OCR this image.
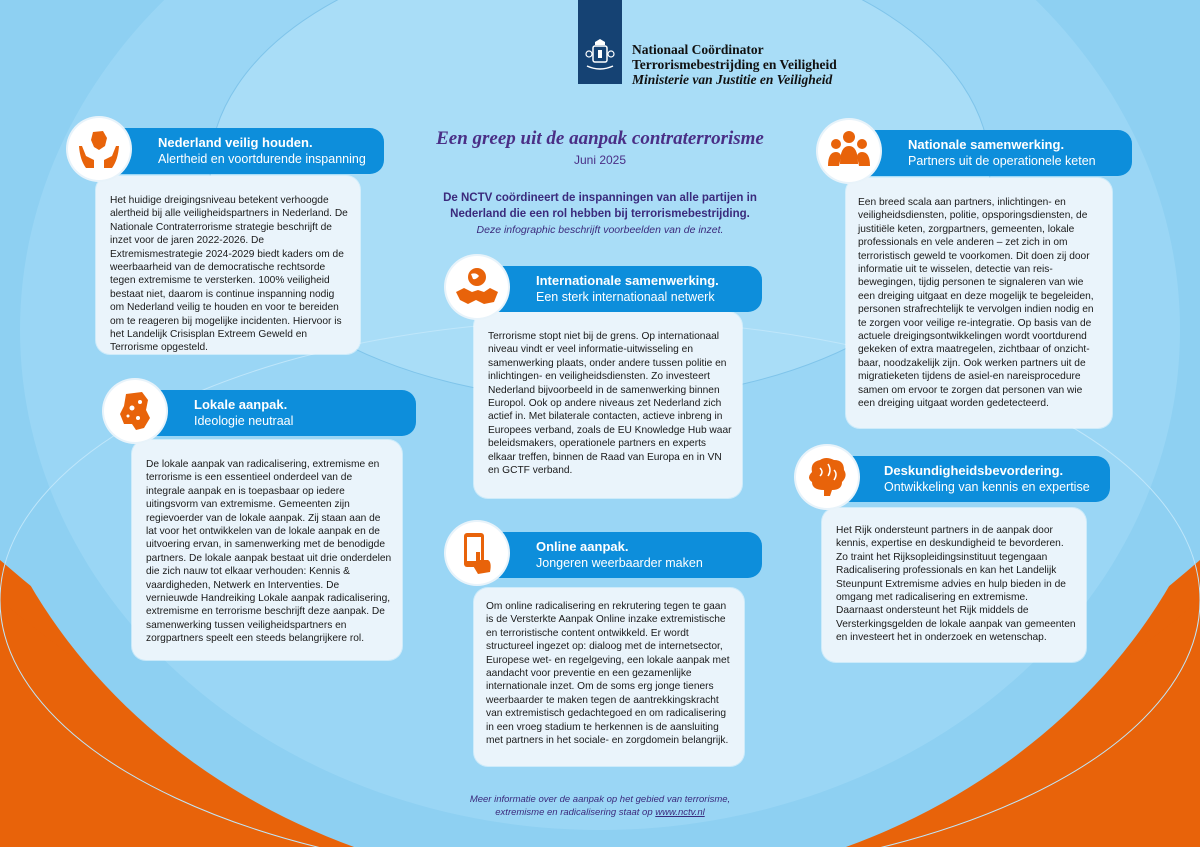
Nationaal Coördinator
Terrorismebestrijding en Veiligheid
Ministerie van Justitie en Veiligheid
Een greep uit de aanpak contraterrorisme
Juni 2025
De NCTV coördineert de inspanningen van alle partijen in Nederland die een rol hebben bij terrorismebestrijding.
Deze infographic beschrijft voorbeelden van de inzet.
Het huidige dreigingsniveau betekent verhoogde alertheid bij alle veiligheidspartners in Nederland. De Nationale Contraterrorisme strategie beschrijft de inzet voor de jaren 2022-2026. De Extremismestrategie 2024-2029 biedt kaders om de weerbaarheid van de democratische rechtsorde tegen extremisme te versterken. 100% veiligheid bestaat niet, daarom is continue inspanning nodig om Nederland veilig te houden en voor te bereiden om te reageren bij mogelijke incidenten. Hiervoor is het Landelijk Crisisplan Extreem Geweld en Terrorisme opgesteld.
Nederland veilig houden.
Alertheid en voortdurende inspanning
De lokale aanpak van radicalisering, extremisme en terrorisme is een essentieel onderdeel van de integrale aanpak en is toepasbaar op iedere uitingsvorm van extremisme. Gemeenten zijn regievoerder van de lokale aanpak. Zij staan aan de lat voor het ontwikkelen van de lokale aanpak en de uitvoering ervan, in samenwerking met de benodigde partners. De lokale aanpak bestaat uit drie onderdelen die zich nauw tot elkaar verhouden: Kennis & vaardigheden, Netwerk en Interventies. De vernieuwde Handreiking Lokale aanpak radicalisering, extremisme en terrorisme beschrijft deze aanpak. De samenwerking tussen veiligheidspartners en zorgpartners speelt een steeds belangrijkere rol.
Lokale aanpak.
Ideologie neutraal
Terrorisme stopt niet bij de grens. Op internationaal niveau vindt er veel informatie-uitwisseling en samenwerking plaats, onder andere tussen politie en inlichtingen- en veiligheidsdiensten. Zo investeert Nederland bijvoorbeeld in de samenwerking binnen Europol. Ook op andere niveaus zet Nederland zich actief in. Met bilaterale contacten, actieve inbreng in Europees verband, zoals de EU Knowledge Hub waar beleidsmakers, operationele partners en experts elkaar treffen, binnen de Raad van Europa en in VN en GCTF verband.
Internationale samenwerking.
Een sterk internationaal netwerk
Om online radicalisering en rekrutering tegen te gaan is de Versterkte Aanpak Online inzake extremistische en terroristische content ontwikkeld. Er wordt structureel ingezet op: dialoog met de internetsector, Europese wet- en regelgeving, een lokale aanpak met aandacht voor preventie en een gezamenlijke internationale inzet. Om de soms erg jonge tieners weerbaarder te maken tegen de aantrekkingskracht van extremistisch gedachtegoed en om radicalisering in een vroeg stadium te herkennen is de aansluiting met partners in het sociale- en zorgdomein belangrijk.
Online aanpak.
Jongeren weerbaarder maken
Een breed scala aan partners, inlichtingen- en veiligheidsdiensten, politie, opsporingsdiensten, de justitiële keten, zorgpartners, gemeenten, lokale professionals en vele anderen – zet zich in om terroristisch geweld te voorkomen. Dit doen zij door informatie uit te wisselen, detectie van reis-bewegingen, tijdig personen te signaleren van wie een dreiging uitgaat en deze mogelijk te begeleiden, personen strafrechtelijk te vervolgen indien nodig en te zorgen voor veilige re-integratie. Op basis van de actuele dreigingsontwikkelingen wordt voortdurend gekeken of extra maatregelen, zichtbaar of onzicht-baar, noodzakelijk zijn. Ook werken partners uit de migratieketen tijdens de asiel-en nareisprocedure samen om ervoor te zorgen dat personen van wie een dreiging uitgaat worden gedetecteerd.
Nationale samenwerking.
Partners uit de operationele keten
Het Rijk ondersteunt partners in de aanpak door kennis, expertise en deskundigheid te bevorderen. Zo traint het Rijksopleidingsinstituut tegengaan Radicalisering professionals en kan het Landelijk Steunpunt Extremisme advies en hulp bieden in de omgang met radicalisering en extremisme. Daarnaast ondersteunt het Rijk middels de Versterkingsgelden de lokale aanpak van gemeenten en investeert het in onderzoek en wetenschap.
Deskundigheidsbevordering.
Ontwikkeling van kennis en expertise
Meer informatie over de aanpak op het gebied van terrorisme,
extremisme en radicalisering staat op www.nctv.nl
